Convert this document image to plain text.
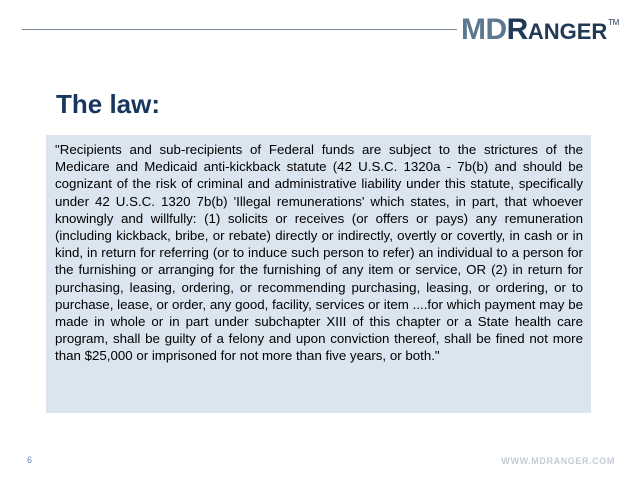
MD R ANGER TM
The law:

"Recipients and sub-recipients of Federal funds are subject to the strictures of the Medicare and Medicaid anti-kickback statute (42 U.S.C. 1320a - 7b(b) and should be cognizant of the risk of criminal and administrative liability under this statute, specifically under 42 U.S.C. 1320 7b(b) 'Illegal remunerations' which states, in part, that whoever knowingly and willfully: (1) solicits or receives (or offers or pays) any remuneration (including kickback, bribe, or rebate) directly or indirectly, overtly or covertly, in cash or in kind, in return for referring (or to induce such person to refer) an individual to a person for the furnishing or arranging for the furnishing of any item or service, OR (2) in return for purchasing, leasing, ordering, or recommending purchasing, leasing, or ordering, or to purchase, lease, or order, any good, facility, services or item ....for which payment may be made in whole or in part under subchapter XIII of this chapter or a State health care program, shall be guilty of a felony and upon conviction thereof, shall be fined not more than $25,000 or imprisoned for not more than five years, or both."

6	WWW.MDRANGER.COM
